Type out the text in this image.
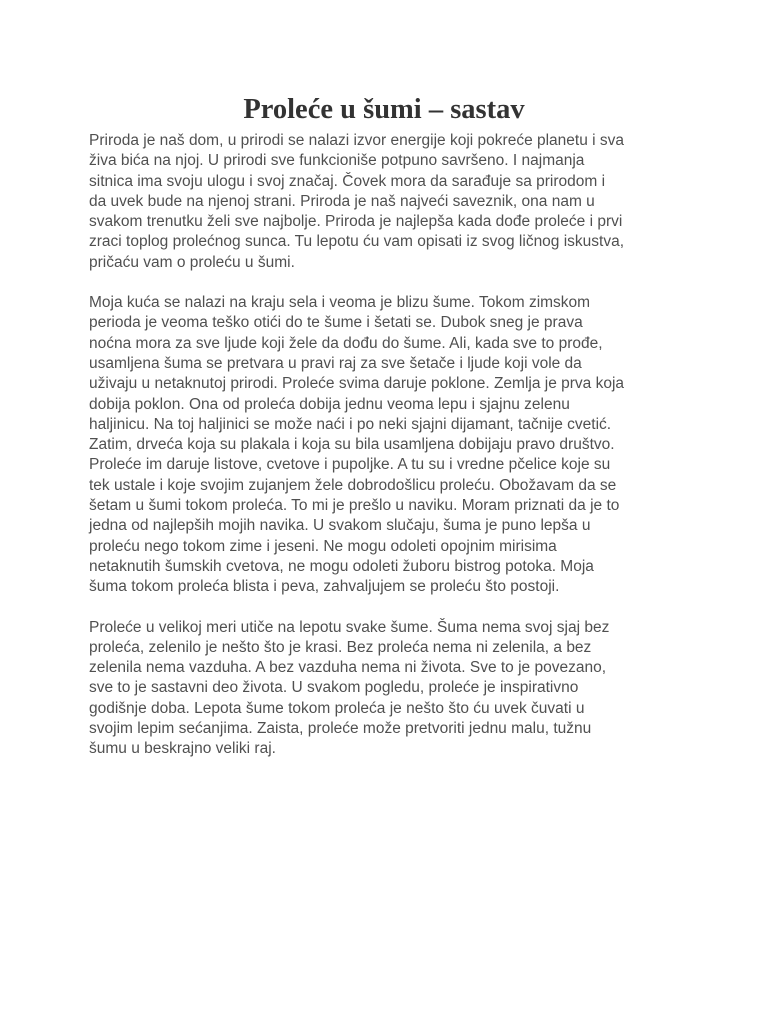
Proleće u šumi – sastav

Priroda je naš dom, u prirodi se nalazi izvor energije koji pokreće planetu i sva
živa bića na njoj. U prirodi sve funkcioniše potpuno savršeno. I najmanja
sitnica ima svoju ulogu i svoj značaj. Čovek mora da sarađuje sa prirodom i
da uvek bude na njenoj strani. Priroda je naš najveći saveznik, ona nam u
svakom trenutku želi sve najbolje. Priroda je najlepša kada dođe proleće i prvi
zraci toplog prolećnog sunca. Tu lepotu ću vam opisati iz svog ličnog iskustva,
pričaću vam o proleću u šumi.

Moja kuća se nalazi na kraju sela i veoma je blizu šume. Tokom zimskom
perioda je veoma teško otići do te šume i šetati se. Dubok sneg je prava
noćna mora za sve ljude koji žele da dođu do šume. Ali, kada sve to prođe,
usamljena šuma se pretvara u pravi raj za sve šetače i ljude koji vole da
uživaju u netaknutoj prirodi. Proleće svima daruje poklone. Zemlja je prva koja
dobija poklon. Ona od proleća dobija jednu veoma lepu i sjajnu zelenu
haljinicu. Na toj haljinici se može naći i po neki sjajni dijamant, tačnije cvetić.
Zatim, drveća koja su plakala i koja su bila usamljena dobijaju pravo društvo.
Proleće im daruje listove, cvetove i pupoljke. A tu su i vredne pčelice koje su
tek ustale i koje svojim zujanjem žele dobrodošlicu proleću. Obožavam da se
šetam u šumi tokom proleća. To mi je prešlo u naviku. Moram priznati da je to
jedna od najlepših mojih navika. U svakom slučaju, šuma je puno lepša u
proleću nego tokom zime i jeseni. Ne mogu odoleti opojnim mirisima
netaknutih šumskih cvetova, ne mogu odoleti žuboru bistrog potoka. Moja
šuma tokom proleća blista i peva, zahvaljujem se proleću što postoji.

Proleće u velikoj meri utiče na lepotu svake šume. Šuma nema svoj sjaj bez
proleća, zelenilo je nešto što je krasi. Bez proleća nema ni zelenila, a bez
zelenila nema vazduha. A bez vazduha nema ni života. Sve to je povezano,
sve to je sastavni deo života. U svakom pogledu, proleće je inspirativno
godišnje doba. Lepota šume tokom proleća je nešto što ću uvek čuvati u
svojim lepim sećanjima. Zaista, proleće može pretvoriti jednu malu, tužnu
šumu u beskrajno veliki raj.
